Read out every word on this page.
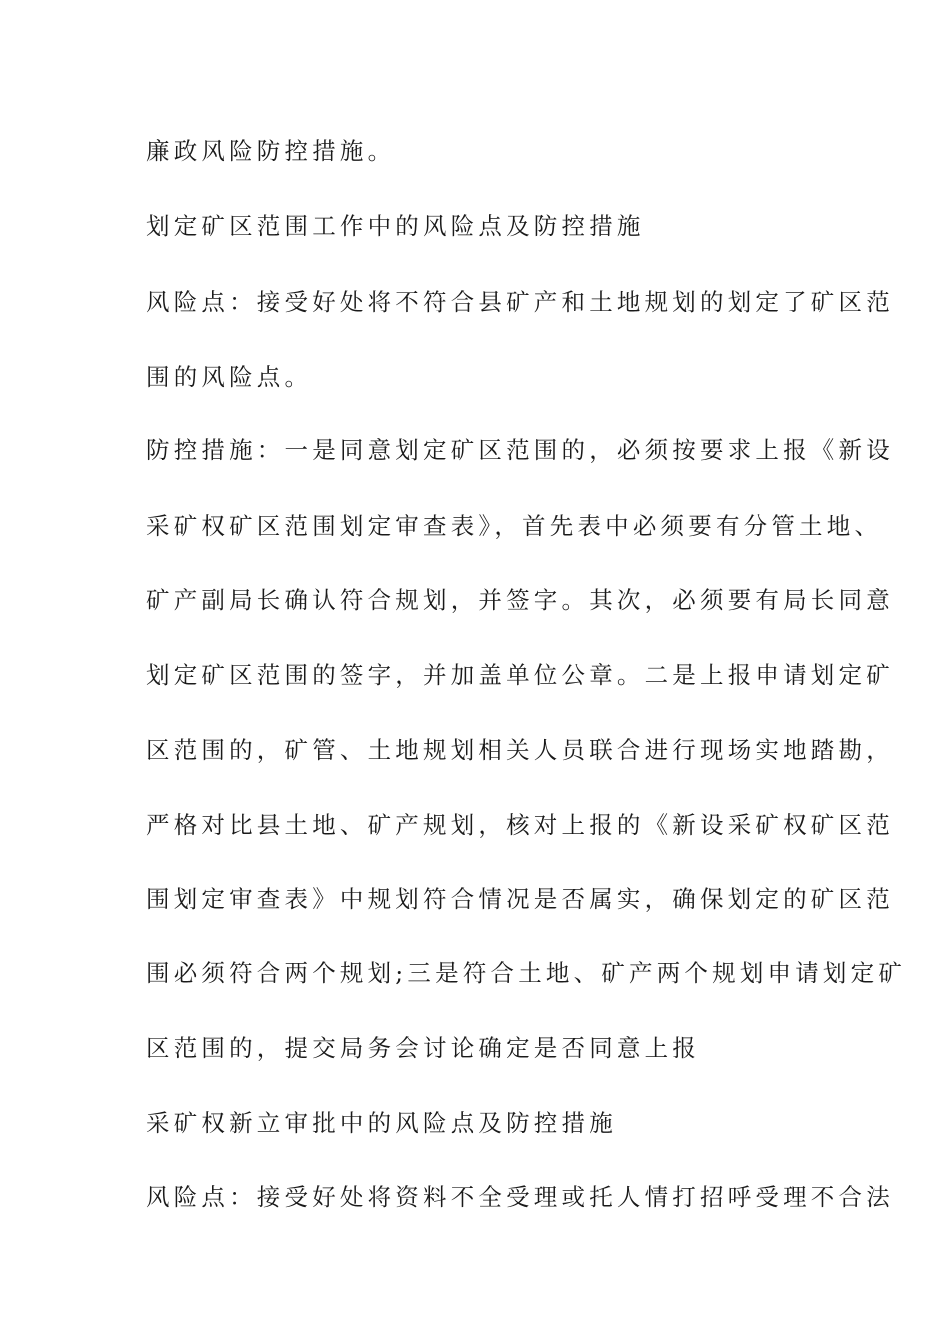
廉政风险防控措施。
划定矿区范围工作中的风险点及防控措施
风险点：接受好处将不符合县矿产和土地规划的划定了矿区范
围的风险点。
防控措施：一是同意划定矿区范围的，必须按要求上报《新设
采矿权矿区范围划定审查表》，首先表中必须要有分管土地、
矿产副局长确认符合规划，并签字。其次，必须要有局长同意
划定矿区范围的签字，并加盖单位公章。二是上报申请划定矿
区范围的，矿管、土地规划相关人员联合进行现场实地踏勘，
严格对比县土地、矿产规划，核对上报的《新设采矿权矿区范
围划定审查表》中规划符合情况是否属实，确保划定的矿区范
围必须符合两个规划;三是符合土地、矿产两个规划申请划定矿
区范围的，提交局务会讨论确定是否同意上报
采矿权新立审批中的风险点及防控措施
风险点：接受好处将资料不全受理或托人情打招呼受理不合法
